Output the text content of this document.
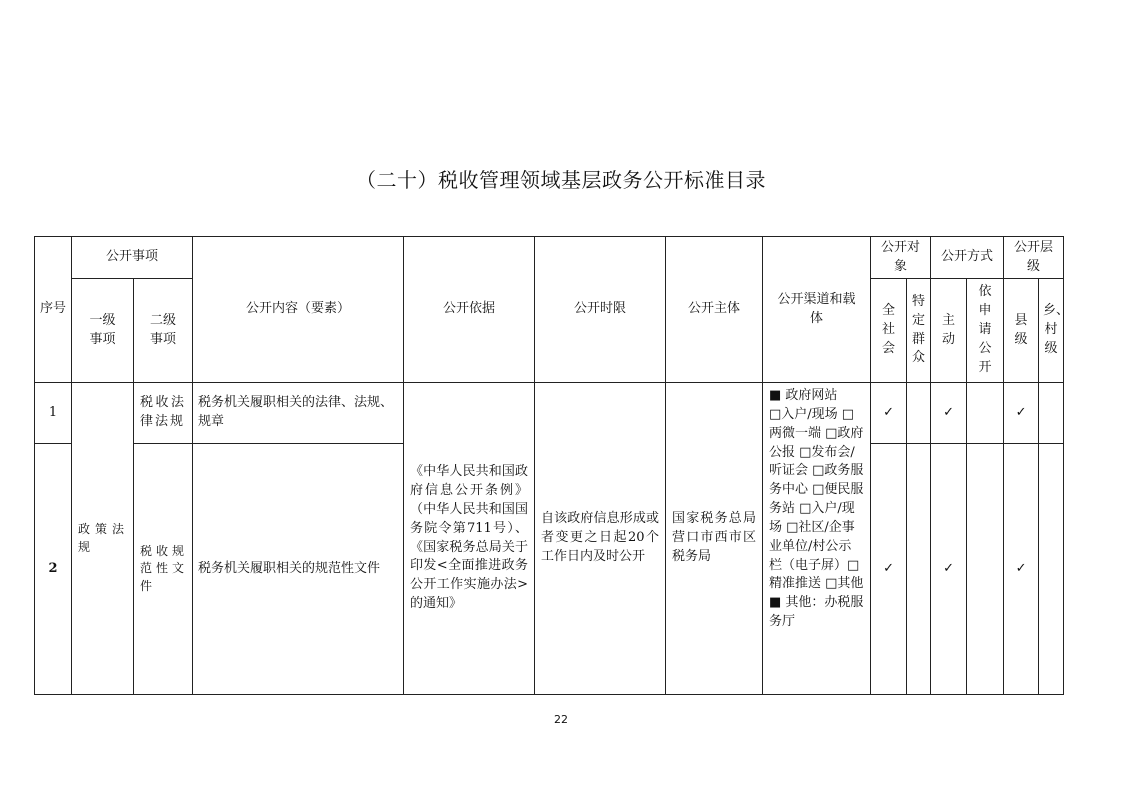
（二十）税收管理领域基层政务公开标准目录
序号	公开事项		公开内容（要素）	公开依据	公开时限	公开主体	公开渠道和载体	公开对象		公开方式		公开层级	
	一级事项	二级事项						全社会	特定群众	主动	依申请公开	县级	乡、村级
1	政策法规	税收法律法规	税务机关履职相关的法律、法规、规章	《中华人民共和国政府信息公开条例》（中华人民共和国国务院令第711号）、《国家税务总局关于印发<全面推进政务公开工作实施办法>的通知》	自该政府信息形成或者变更之日起20个工作日内及时公开	国家税务总局营口市西市区税务局	■ 政府网站
□入户/现场 □两微一端 □政府公报 □发布会/听证会 □政务服务中心 □便民服务站 □入户/现场 □社区/企事业单位/村公示栏（电子屏）□精准推送 □其他
■ 其他：办税服务厅	✓		✓		✓	
2		税收规范性文件	税务机关履职相关的规范性文件					✓		✓		✓	
22
